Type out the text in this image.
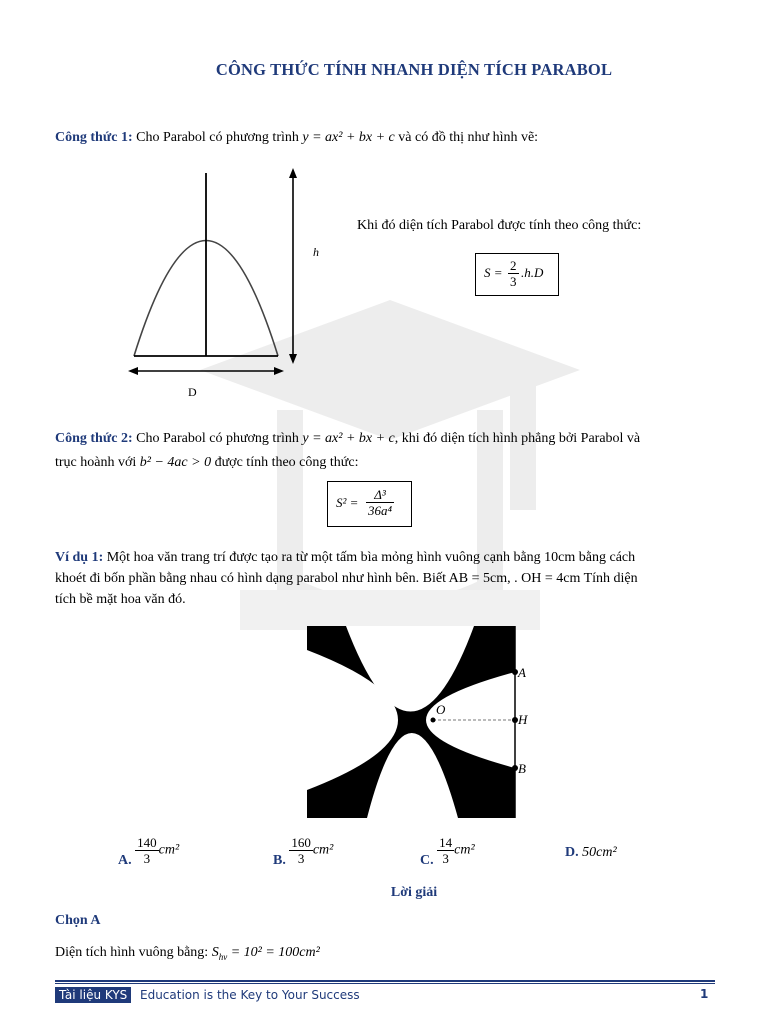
CÔNG THỨC TÍNH NHANH DIỆN TÍCH PARABOL
Công thức 1: Cho Parabol có phương trình y = ax² + bx + c và có đồ thị như hình vẽ:
h
D
Khi đó diện tích Parabol được tính theo công thức:
$S = \frac{2}{3} .h.D$
Công thức 2: Cho Parabol có phương trình y = ax² + bx + c, khi đó diện tích hình phẳng bởi Parabol và
trục hoành với b² − 4ac > 0 được tính theo công thức:
$S^2 = \frac{\text{Δ³}}{\text{36a⁴}}$
Ví dụ 1: Một hoa văn trang trí được tạo ra từ một tấm bìa mỏng hình vuông cạnh bằng 10cm bằng cách
khoét đi bốn phần bằng nhau có hình dạng parabol như hình bên. Biết AB = 5cm, . OH = 4cm Tính diện
tích bề mặt hoa văn đó.
A
O
H
B
A. $\frac{140}{3} cm^2$
B. $\frac{160}{3} cm^2$
C. $\frac{14}{3} cm^2$	D. 50cm²
Lời giải
Chọn A
Diện tích hình vuông bằng: $S_{hv} = 10^2 = 100cm^2$
Tài liệu KYS	Education is the Key to Your Success	1
